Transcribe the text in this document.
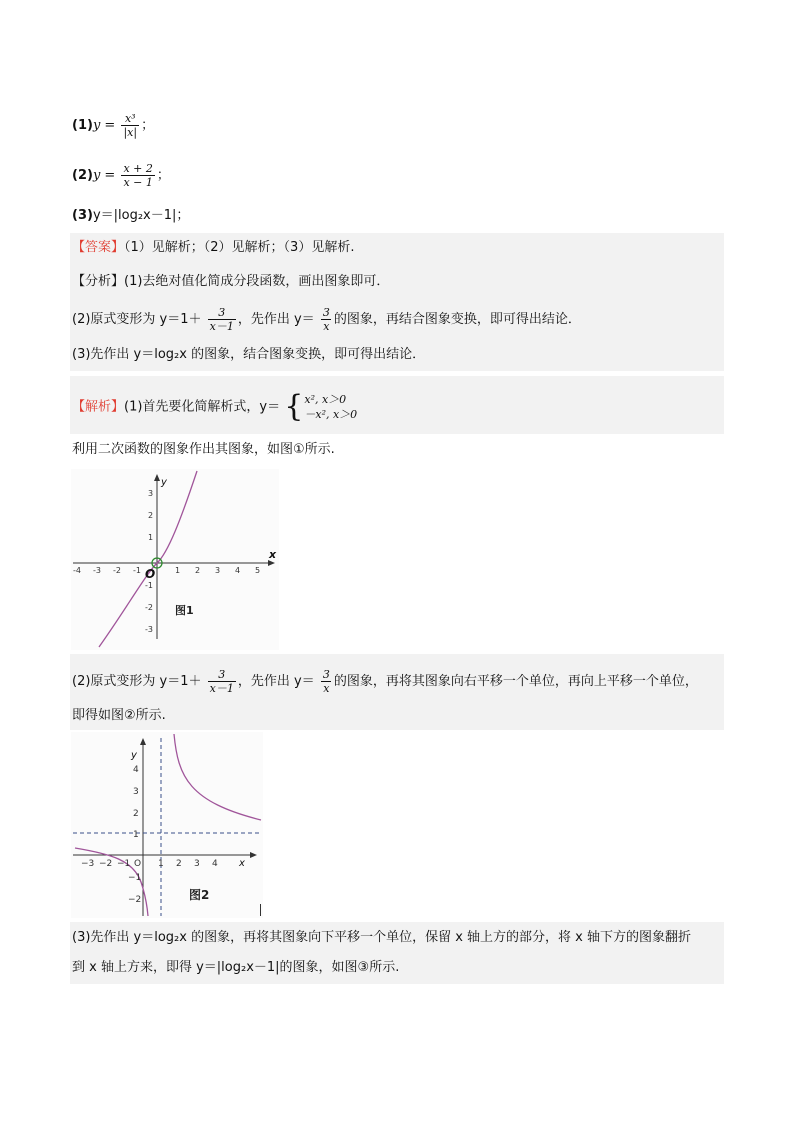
$(1)y = \frac{\text{x³}}{|x|}$ ；
$(2)y = \frac{x + 2}{x - 1}$ ；
(3)y＝|log₂x－1|；
【答案】（1）见解析；（2）见解析；（3）见解析.
【分析】(1)去绝对值化简成分段函数，画出图象即可．
(2)原式变形为 $y=1+ \frac{3}{x-1}$ ，先作出 $y= \frac{3}{x}$ 的图象，再结合图象变换，即可得出结论．
(3)先作出 y＝log₂x 的图象，结合图象变换，即可得出结论．
【解析】(1)首先要化简解析式，y＝ { x², x＞0
－x², x＞0
利用二次函数的图象作出其图象，如图①所示.
-4 -3 -2 -1	1 2 3 4 5
3
2
1
-1
-2
-3
x
y
O
图1
(2)原式变形为 $y=1+ \frac{3}{x-1}$ ，先作出 $y= \frac{3}{x}$ 的图象，再将其图象向右平移一个单位，再向上平移一个单位，
即得如图②所示.
−3 −2 −1 O 1 2 3 4
4
3
2
1
−1
−2
x
y
图2
(3)先作出 y＝log₂x 的图象，再将其图象向下平移一个单位，保留 x 轴上方的部分，将 x 轴下方的图象翻折
到 x 轴上方来，即得 y＝|log₂x－1|的图象，如图③所示.
